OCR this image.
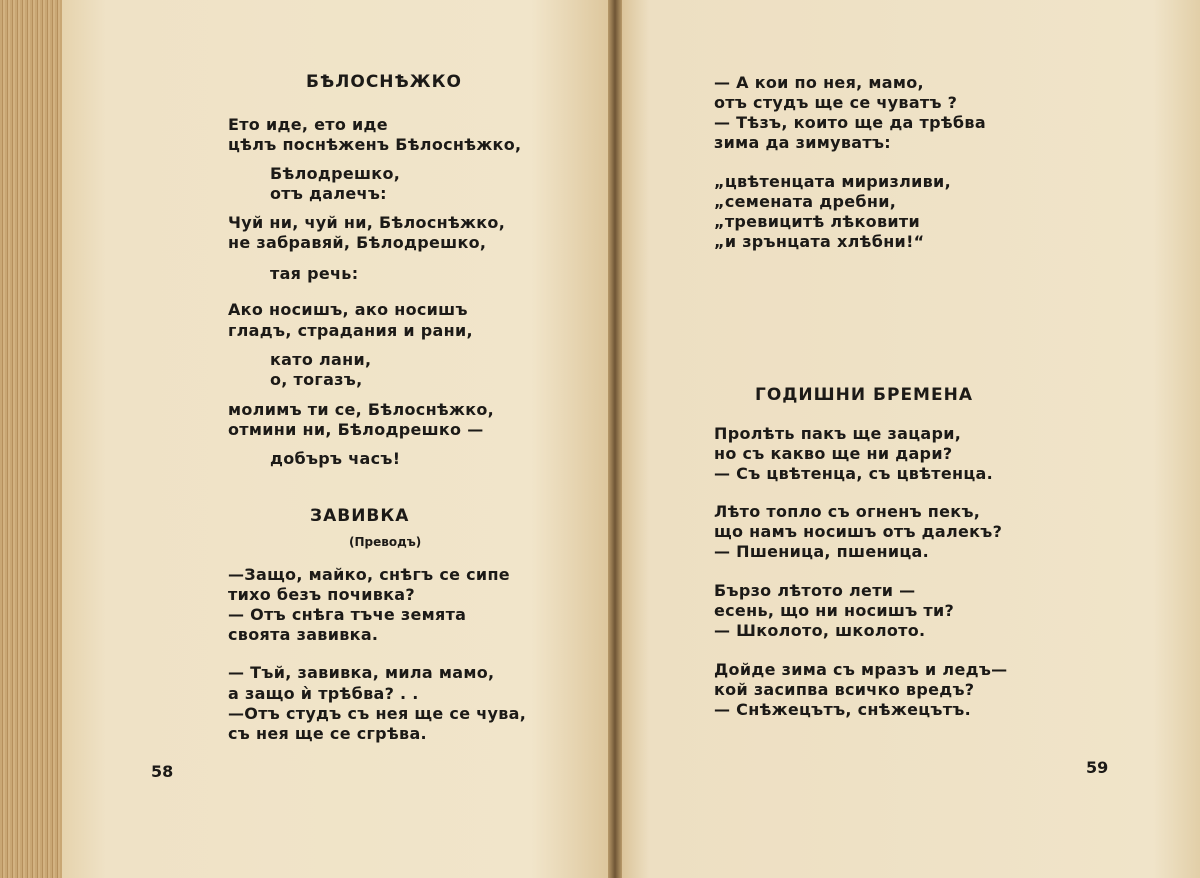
БѢЛОСНѢЖКО
Ето иде, ето иде
цѣлъ поснѣженъ Бѣлоснѣжко,
Бѣлодрешко,
отъ далечъ:
Чуй ни, чуй ни, Бѣлоснѣжко,
не забравяй, Бѣлодрешко,
тая речь:
Ако носишъ, ако носишъ
гладъ, страдания и рани,
като лани,
о, тогазъ,
молимъ ти се, Бѣлоснѣжко,
отмини ни, Бѣлодрешко —
добъръ часъ!
ЗАВИВКА
(Преводъ)
—Защо, майко, снѣгъ се сипе
тихо безъ почивка?
— Отъ снѣга тъче земята
своята завивка.
— Тъй, завивка, мила мамо,
а защо ѝ трѣбва? . .
—Отъ студъ съ нея ще се чува,
съ нея ще се сгрѣва.
58
— А кои по нея, мамо,
отъ студъ ще се чуватъ ?
— Тѣзъ, които ще да трѣбва
зима да зимуватъ:
„цвѣтенцата миризливи,
„семената дребни,
„тревицитѣ лѣковити
„и зрънцата хлѣбни!“
ГОДИШНИ БРЕМЕНА
Пролѣть пакъ ще зацари,
но съ какво ще ни дари?
— Съ цвѣтенца, съ цвѣтенца.
Лѣто топло съ огненъ пекъ,
що намъ носишъ отъ далекъ?
— Пшеница, пшеница.
Бързо лѣтото лети —
есень, що ни носишъ ти?
— Школото, школото.
Дойде зима съ мразъ и ледъ—
кой засипва всичко вредъ?
— Снѣжецътъ, снѣжецътъ.
59
